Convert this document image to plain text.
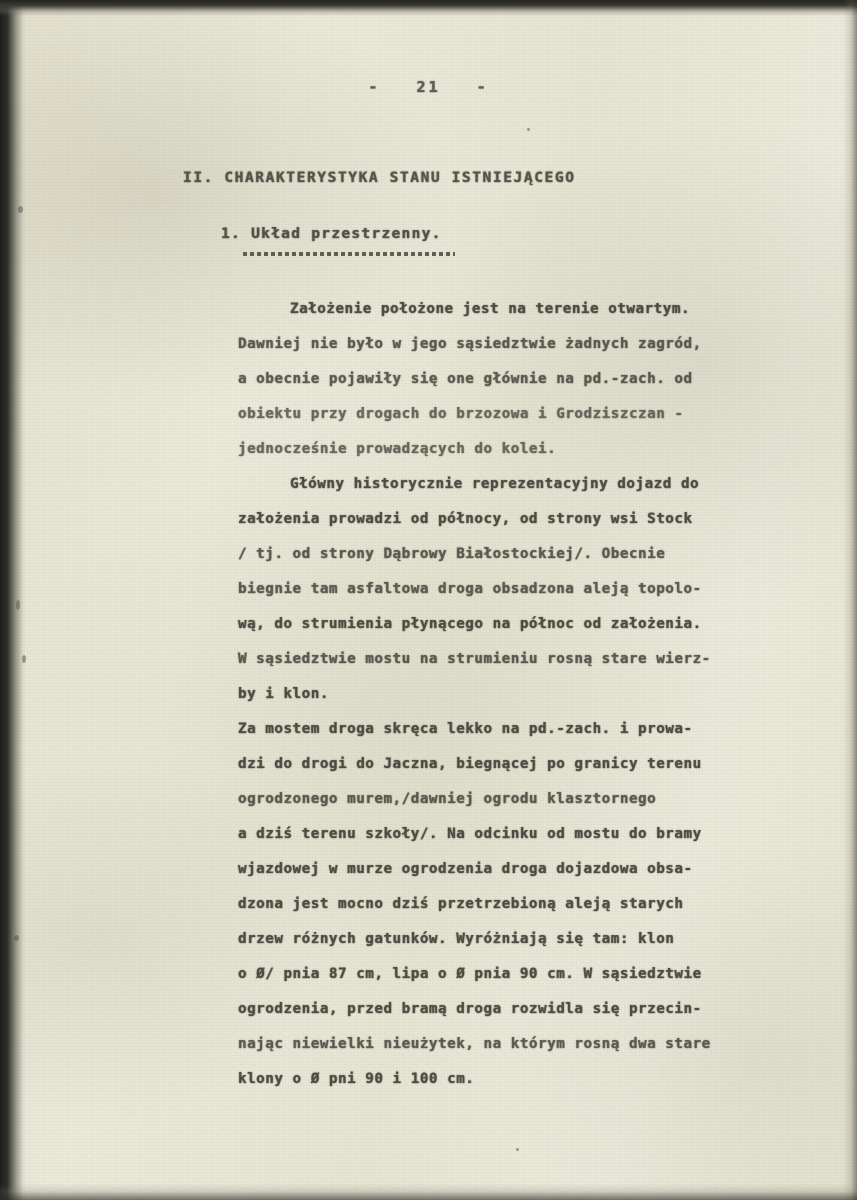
-   21   -
II. CHARAKTERYSTYKA STANU ISTNIEJĄCEGO
1. Układ przestrzenny.
Założenie położone jest na terenie otwartym.
Dawniej nie było w jego sąsiedztwie żadnych zagród,
a obecnie pojawiły się one głównie na pd.-zach. od
obiektu przy drogach do brzozowa i Grodziszczan -
jednocześnie prowadzących do kolei.
Główny historycznie reprezentacyjny dojazd do
założenia prowadzi od północy, od strony wsi Stock
/ tj. od strony Dąbrowy Białostockiej/. Obecnie
biegnie tam asfaltowa droga obsadzona aleją topolo-
wą, do strumienia płynącego na północ od założenia.
W sąsiedztwie mostu na strumieniu rosną stare wierz-
by i klon.
Za mostem droga skręca lekko na pd.-zach. i prowa-
dzi do drogi do Jaczna, biegnącej po granicy terenu
ogrodzonego murem,/dawniej ogrodu klasztornego
a dziś terenu szkoły/. Na odcinku od mostu do bramy
wjazdowej w murze ogrodzenia droga dojazdowa obsa-
dzona jest mocno dziś przetrzebioną aleją starych
drzew różnych gatunków. Wyróżniają się tam: klon
o Ø/ pnia 87 cm, lipa o Ø pnia 90 cm. W sąsiedztwie
ogrodzenia, przed bramą droga rozwidla się przecin-
nając niewielki nieużytek, na którym rosną dwa stare
klony o Ø pni 90 i 100 cm.
